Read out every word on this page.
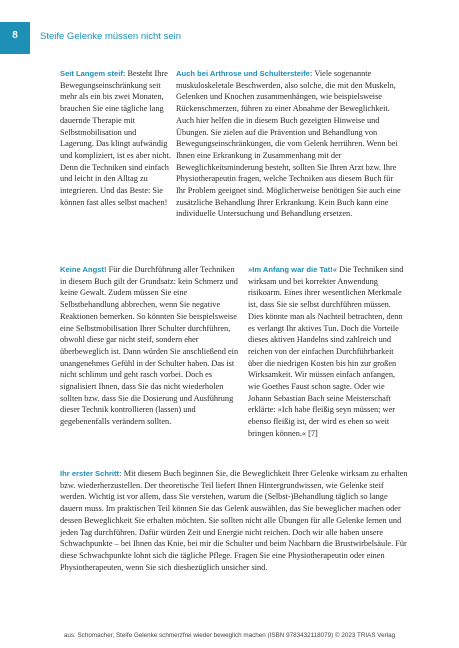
8	Steife Gelenke müssen nicht sein
Seit Langem steif: Besteht Ihre Bewegungseinschränkung seit mehr als ein bis zwei Monaten, brauchen Sie eine tägliche lang dauernde Therapie mit Selbstmobilisation und Lagerung. Das klingt aufwändig und kompliziert, ist es aber nicht. Denn die Techniken sind einfach und leicht in den Alltag zu integrieren. Und das Beste: Sie können fast alles selbst machen!
Auch bei Arthrose und Schultersteife: Viele sogenannte muskuloskeletale Beschwerden, also solche, die mit den Muskeln, Gelenken und Knochen zusammenhängen, wie beispielsweise Rückenschmerzen, führen zu einer Abnahme der Beweglichkeit. Auch hier helfen die in diesem Buch gezeigten Hinweise und Übungen. Sie zielen auf die Prävention und Behandlung von Bewegungseinschränkungen, die vom Gelenk herrühren. Wenn bei Ihnen eine Erkrankung in Zusammenhang mit der Beweglichkeitsminderung besteht, sollten Sie Ihren Arzt bzw. Ihre Physiotherapeutin fragen, welche Techniken aus diesem Buch für Ihr Problem geeignet sind. Möglicherweise benötigen Sie auch eine zusätzliche Behandlung Ihrer Erkrankung. Kein Buch kann eine individuelle Untersuchung und Behandlung ersetzen.
Keine Angst! Für die Durchführung aller Techniken in diesem Buch gilt der Grundsatz: kein Schmerz und keine Gewalt. Zudem müssen Sie eine Selbstbehandlung abbrechen, wenn Sie negative Reaktionen bemerken. So könnten Sie beispielsweise eine Selbstmobilisation Ihrer Schulter durchführen, obwohl diese gar nicht steif, sondern eher überbeweglich ist. Dann würden Sie anschließend ein unangenehmes Gefühl in der Schulter haben. Das ist nicht schlimm und geht rasch vorbei. Doch es signalisiert Ihnen, dass Sie das nicht wiederholen sollten bzw. dass Sie die Dosierung und Ausführung dieser Technik kontrollieren (lassen) und gegebenenfalls verändern sollten.
»Im Anfang war die Tat!« Die Techniken sind wirksam und bei korrekter Anwendung risikoarm. Eines ihrer wesentlichen Merkmale ist, dass Sie sie selbst durchführen müssen. Dies könnte man als Nachteil betrachten, denn es verlangt Ihr aktives Tun. Doch die Vorteile dieses aktiven Handelns sind zahlreich und reichen von der einfachen Durchführbarkeit über die niedrigen Kosten bis hin zur großen Wirksamkeit. Wir müssen einfach anfangen, wie Goethes Faust schon sagte. Oder wie Johann Sebastian Bach seine Meisterschaft erklärte: »Ich habe fleißig seyn müssen; wer ebenso fleißig ist, der wird es eben so weit bringen können.« [7]
Ihr erster Schritt: Mit diesem Buch beginnen Sie, die Beweglichkeit Ihrer Gelenke wirksam zu erhalten bzw. wiederherzustellen. Der theoretische Teil liefert Ihnen Hintergrundwissen, wie Gelenke steif werden. Wichtig ist vor allem, dass Sie verstehen, warum die (Selbst-)Behandlung täglich so lange dauern muss. Im praktischen Teil können Sie das Gelenk auswählen, das Sie beweglicher machen oder dessen Beweglichkeit Sie erhalten möchten. Sie sollten nicht alle Übungen für alle Gelenke lernen und jeden Tag durchführen. Dafür würden Zeit und Energie nicht reichen. Doch wir alle haben unsere Schwachpunkte – bei Ihnen das Knie, bei mir die Schulter und beim Nachbarn die Brustwirbelsäule. Für diese Schwachpunkte lohnt sich die tägliche Pflege. Fragen Sie eine Physiotherapeutin oder einen Physiotherapeuten, wenn Sie sich diesbezüglich unsicher sind.
aus: Schomacher, Steife Gelenke schmerzfrei wieder beweglich machen (ISBN 9783432118079) © 2023 TRIAS Verlag
